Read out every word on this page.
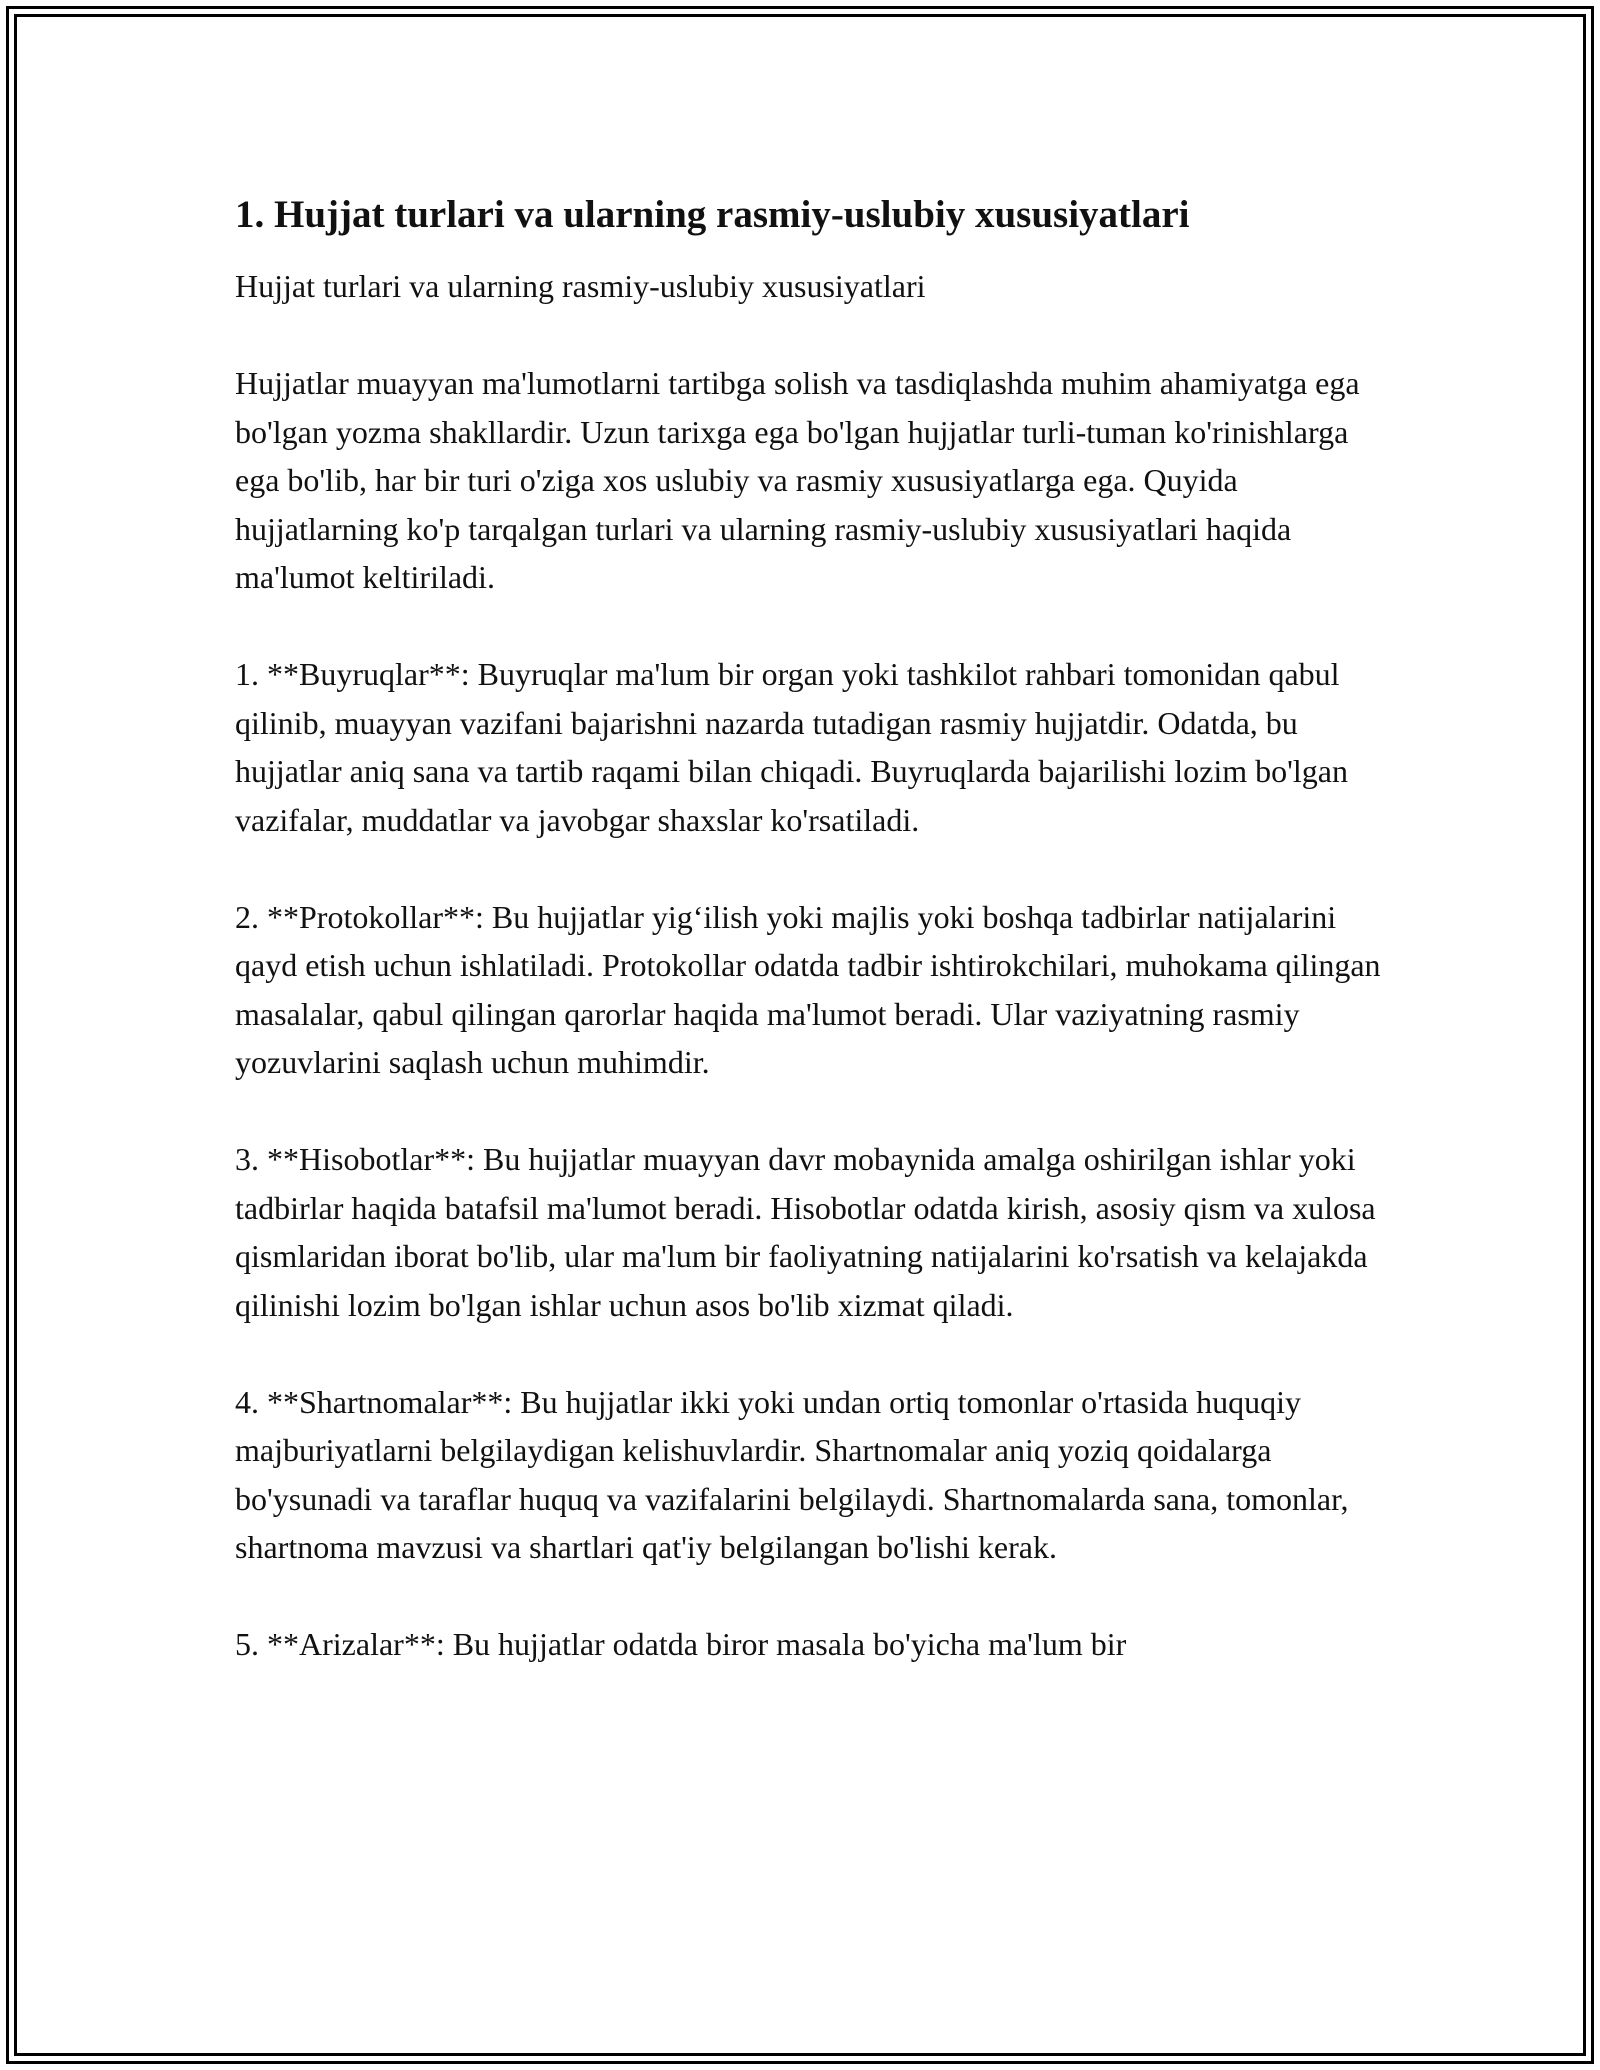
1. Hujjat turlari va ularning rasmiy-uslubiy xususiyatlari

Hujjat turlari va ularning rasmiy-uslubiy xususiyatlari

Hujjatlar muayyan ma'lumotlarni tartibga solish va tasdiqlashda muhim ahamiyatga ega bo'lgan yozma shakllardir. Uzun tarixga ega bo'lgan hujjatlar turli-tuman ko'rinishlarga ega bo'lib, har bir turi o'ziga xos uslubiy va rasmiy xususiyatlarga ega. Quyida hujjatlarning ko'p tarqalgan turlari va ularning rasmiy-uslubiy xususiyatlari haqida ma'lumot keltiriladi.

1. **Buyruqlar**: Buyruqlar ma'lum bir organ yoki tashkilot rahbari tomonidan qabul qilinib, muayyan vazifani bajarishni nazarda tutadigan rasmiy hujjatdir. Odatda, bu hujjatlar aniq sana va tartib raqami bilan chiqadi. Buyruqlarda bajarilishi lozim bo'lgan vazifalar, muddatlar va javobgar shaxslar ko'rsatiladi.

2. **Protokollar**: Bu hujjatlar yig‘ilish yoki majlis yoki boshqa tadbirlar natijalarini qayd etish uchun ishlatiladi. Protokollar odatda tadbir ishtirokchilari, muhokama qilingan masalalar, qabul qilingan qarorlar haqida ma'lumot beradi. Ular vaziyatning rasmiy yozuvlarini saqlash uchun muhimdir.

3. **Hisobotlar**: Bu hujjatlar muayyan davr mobaynida amalga oshirilgan ishlar yoki tadbirlar haqida batafsil ma'lumot beradi. Hisobotlar odatda kirish, asosiy qism va xulosa qismlaridan iborat bo'lib, ular ma'lum bir faoliyatning natijalarini ko'rsatish va kelajakda qilinishi lozim bo'lgan ishlar uchun asos bo'lib xizmat qiladi.

4. **Shartnomalar**: Bu hujjatlar ikki yoki undan ortiq tomonlar o'rtasida huquqiy majburiyatlarni belgilaydigan kelishuvlardir. Shartnomalar aniq yoziq qoidalarga bo'ysunadi va taraflar huquq va vazifalarini belgilaydi. Shartnomalarda sana, tomonlar, shartnoma mavzusi va shartlari qat'iy belgilangan bo'lishi kerak.

5. **Arizalar**: Bu hujjatlar odatda biror masala bo'yicha ma'lum bir
